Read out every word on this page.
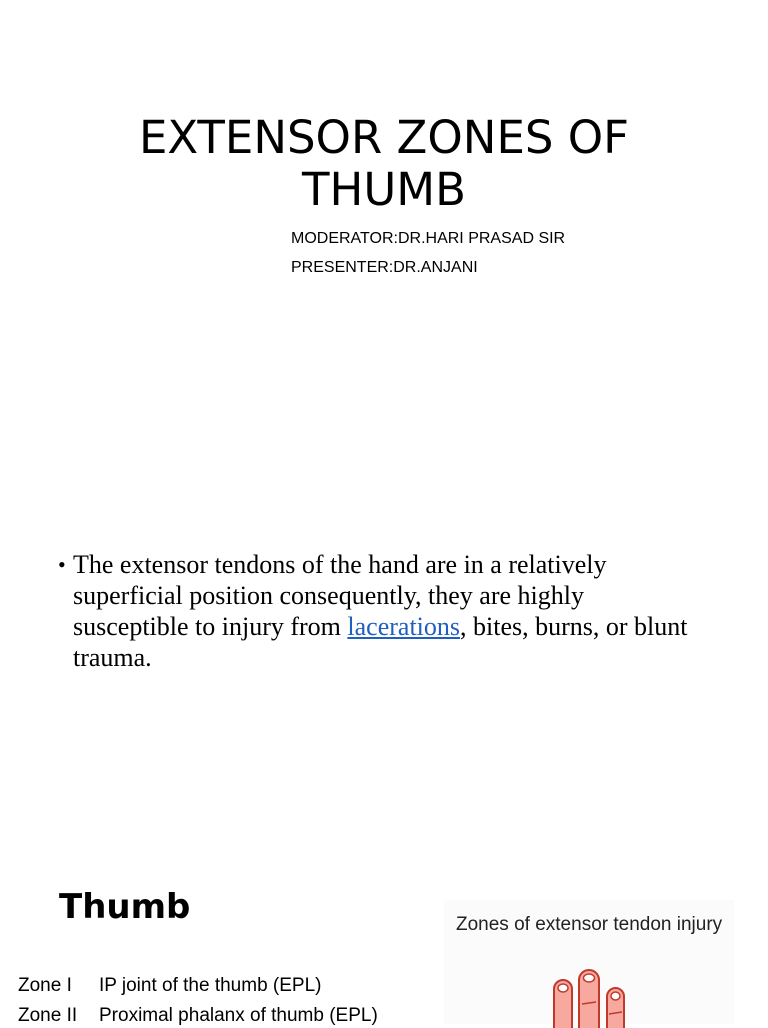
EXTENSOR ZONES OF
THUMB
MODERATOR:DR.HARI PRASAD SIR
PRESENTER:DR.ANJANI
• The extensor tendons of the hand are in a relatively superficial position consequently, they are highly susceptible to injury from lacerations, bites, burns, or blunt trauma.
Thumb
Zone I IP joint of the thumb (EPL)
Zone II Proximal phalanx of thumb (EPL)
Zones of extensor tendon injury
